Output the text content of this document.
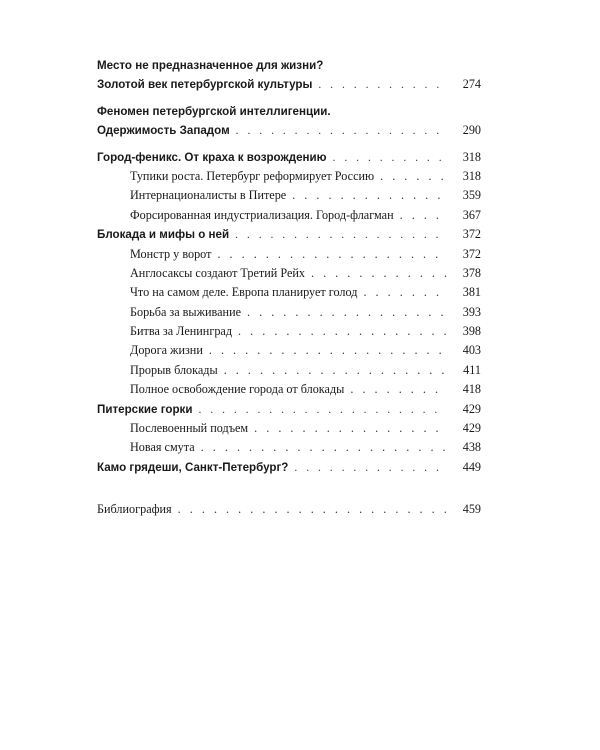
Место не предназначенное для жизни?
Золотой век петербургской культуры . . .	274
Феномен петербургской интеллигенции.
Одержимость Западом . . .	290
Город-феникс. От краха к возрождению . . .	318
Тупики роста. Петербург реформирует Россию . . .	318
Интернационалисты в Питере . . .	359
Форсированная индустриализация. Город-флагман . . .	367
Блокада и мифы о ней . . .	372
Монстр у ворот . . .	372
Англосаксы создают Третий Рейх . . .	378
Что на самом деле. Европа планирует голод . . .	381
Борьба за выживание . . .	393
Битва за Ленинград . . .	398
Дорога жизни . . .	403
Прорыв блокады . . .	411
Полное освобождение города от блокады . . .	418
Питерские горки . . .	429
Послевоенный подъем . . .	429
Новая смута . . .	438
Камо грядеши, Санкт-Петербург? . . .	449
Библиография . . .	459
